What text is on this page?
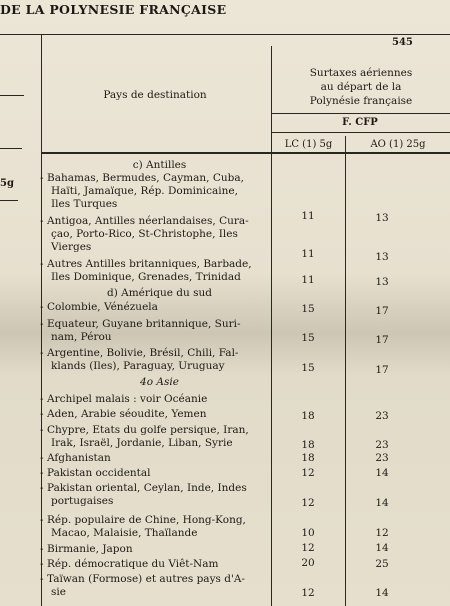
DE LA POLYNESIE FRANÇAISE
545
5g
Pays de destination
Surtaxes aériennes
au départ de la
Polynésie française
F. CFP
LC (1) 5g	AO (1) 25g
c) Antilles
- Bahamas, Bermudes, Cayman, Cuba,
Haïti, Jamaïque, Rép. Dominicaine,
Iles Turques
11	13
- Antigoa, Antilles néerlandaises, Cura-
çao, Porto-Rico, St-Christophe, Iles
Vierges
11	13
- Autres Antilles britanniques, Barbade,
Iles Dominique, Grenades, Trinidad	11	13
d) Amérique du sud
- Colombie, Vénézuela	15	17
- Equateur, Guyane britannique, Suri-
nam, Pérou	15	17
- Argentine, Bolivie, Brésil, Chili, Fal-
klands (Iles), Paraguay, Uruguay	15	17
4o Asie
- Archipel malais : voir Océanie
- Aden, Arabie séoudite, Yemen	18	23
- Chypre, Etats du golfe persique, Iran,
Irak, Israël, Jordanie, Liban, Syrie	18	23
- Afghanistan	18	23
- Pakistan occidental	12	14
- Pakistan oriental, Ceylan, Inde, Indes
portugaises	12	14
- Rép. populaire de Chine, Hong-Kong,
Macao, Malaisie, Thaïlande	10	12
- Birmanie, Japon	12	14
- Rép. démocratique du Viêt-Nam	20	25
- Taïwan (Formose) et autres pays d'A-
sie	12	14
